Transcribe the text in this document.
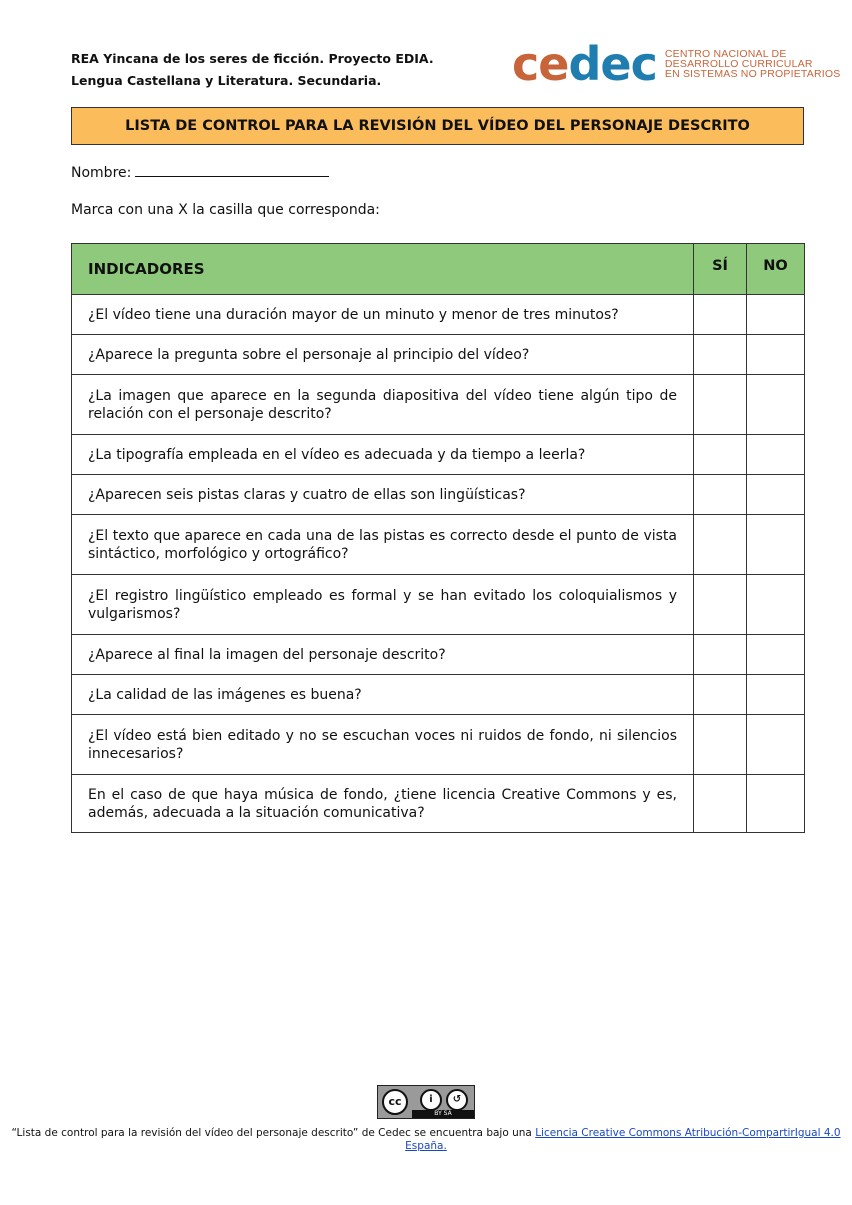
REA Yincana de los seres de ficción. Proyecto EDIA.
Lengua Castellana y Literatura. Secundaria.	cedec CENTRO NACIONAL DE
DESARROLLO CURRICULAR
EN SISTEMAS NO PROPIETARIOS
LISTA DE CONTROL PARA LA REVISIÓN DEL VÍDEO DEL PERSONAJE DESCRITO
Nombre:
Marca con una X la casilla que corresponda:
INDICADORES	SÍ	NO
¿El vídeo tiene una duración mayor de un minuto y menor de tres minutos?		
¿Aparece la pregunta sobre el personaje al principio del vídeo?		
¿La imagen que aparece en la segunda diapositiva del vídeo tiene algún tipo de relación con el personaje descrito?		
¿La tipografía empleada en el vídeo es adecuada y da tiempo a leerla?		
¿Aparecen seis pistas claras y cuatro de ellas son lingüísticas?		
¿El texto que aparece en cada una de las pistas es correcto desde el punto de vista sintáctico, morfológico y ortográfico?		
¿El registro lingüístico empleado es formal y se han evitado los coloquialismos y vulgarismos?		
¿Aparece al final la imagen del personaje descrito?		
¿La calidad de las imágenes es buena?		
¿El vídeo está bien editado y no se escuchan voces ni ruidos de fondo, ni silencios innecesarios?		
En el caso de que haya música de fondo, ¿tiene licencia Creative Commons y es, además, adecuada a la situación comunicativa?		
cc	i	↺
BY SA
“Lista de control para la revisión del vídeo del personaje descrito” de Cedec se encuentra bajo una Licencia Creative Commons Atribución-CompartirIgual 4.0 España.
